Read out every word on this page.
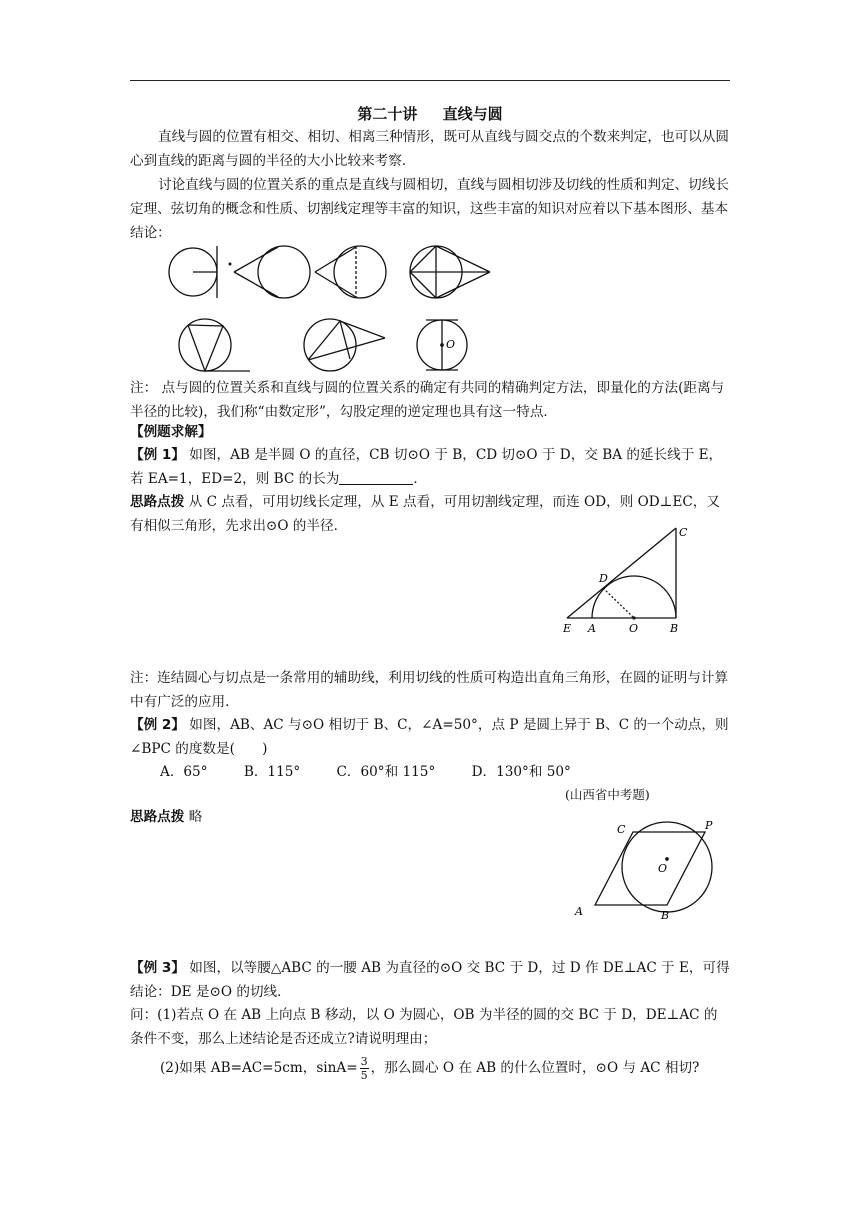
第二十讲 直线与圆
直线与圆的位置有相交、相切、相离三种情形，既可从直线与圆交点的个数来判定，也可以从圆心到直线的距离与圆的半径的大小比较来考察．
讨论直线与圆的位置关系的重点是直线与圆相切，直线与圆相切涉及切线的性质和判定、切线长定理、弦切角的概念和性质、切割线定理等丰富的知识，这些丰富的知识对应着以下基本图形、基本结论：
O
注： 点与圆的位置关系和直线与圆的位置关系的确定有共同的精确判定方法，即量化的方法(距离与半径的比较)，我们称“由数定形”，勾股定理的逆定理也具有这一特点．
【例题求解】
【例 1】 如图，AB 是半圆 O 的直径，CB 切⊙O 于 B，CD 切⊙O 于 D，交 BA 的延长线于 E，若 EA=1，ED=2，则 BC 的长为	．
思路点拨 从 C 点看，可用切线长定理，从 E 点看，可用切割线定理，而连 OD，则 OD⊥EC，又有相似三角形，先求出⊙O 的半径．	C
D
E A	O	B
注：连结圆心与切点是一条常用的辅助线，利用切线的性质可构造出直角三角形，在圆的证明与计算中有广泛的应用．
【例 2】 如图，AB、AC 与⊙O 相切于 B、C，∠A=50°，点 P 是圆上异于 B、C 的一个动点，则∠BPC 的度数是(　　)
A．65°	B．115°	C．60°和 115°	D．130°和 50°
(山西省中考题)
思路点拨 略
C	P
O
A	B
【例 3】 如图，以等腰△ABC 的一腰 AB 为直径的⊙O 交 BC 于 D，过 D 作 DE⊥AC 于 E，可得结论：DE 是⊙O 的切线．
问：(1)若点 O 在 AB 上向点 B 移动，以 O 为圆心，OB 为半径的圆的交 BC 于 D，DE⊥AC 的条件不变，那么上述结论是否还成立?请说明理由；
(2)如果 AB=AC=5cm，$\sin A= \frac{3}{5}$ ，那么圆心 O 在 AB 的什么位置时，⊙O 与 AC 相切?
